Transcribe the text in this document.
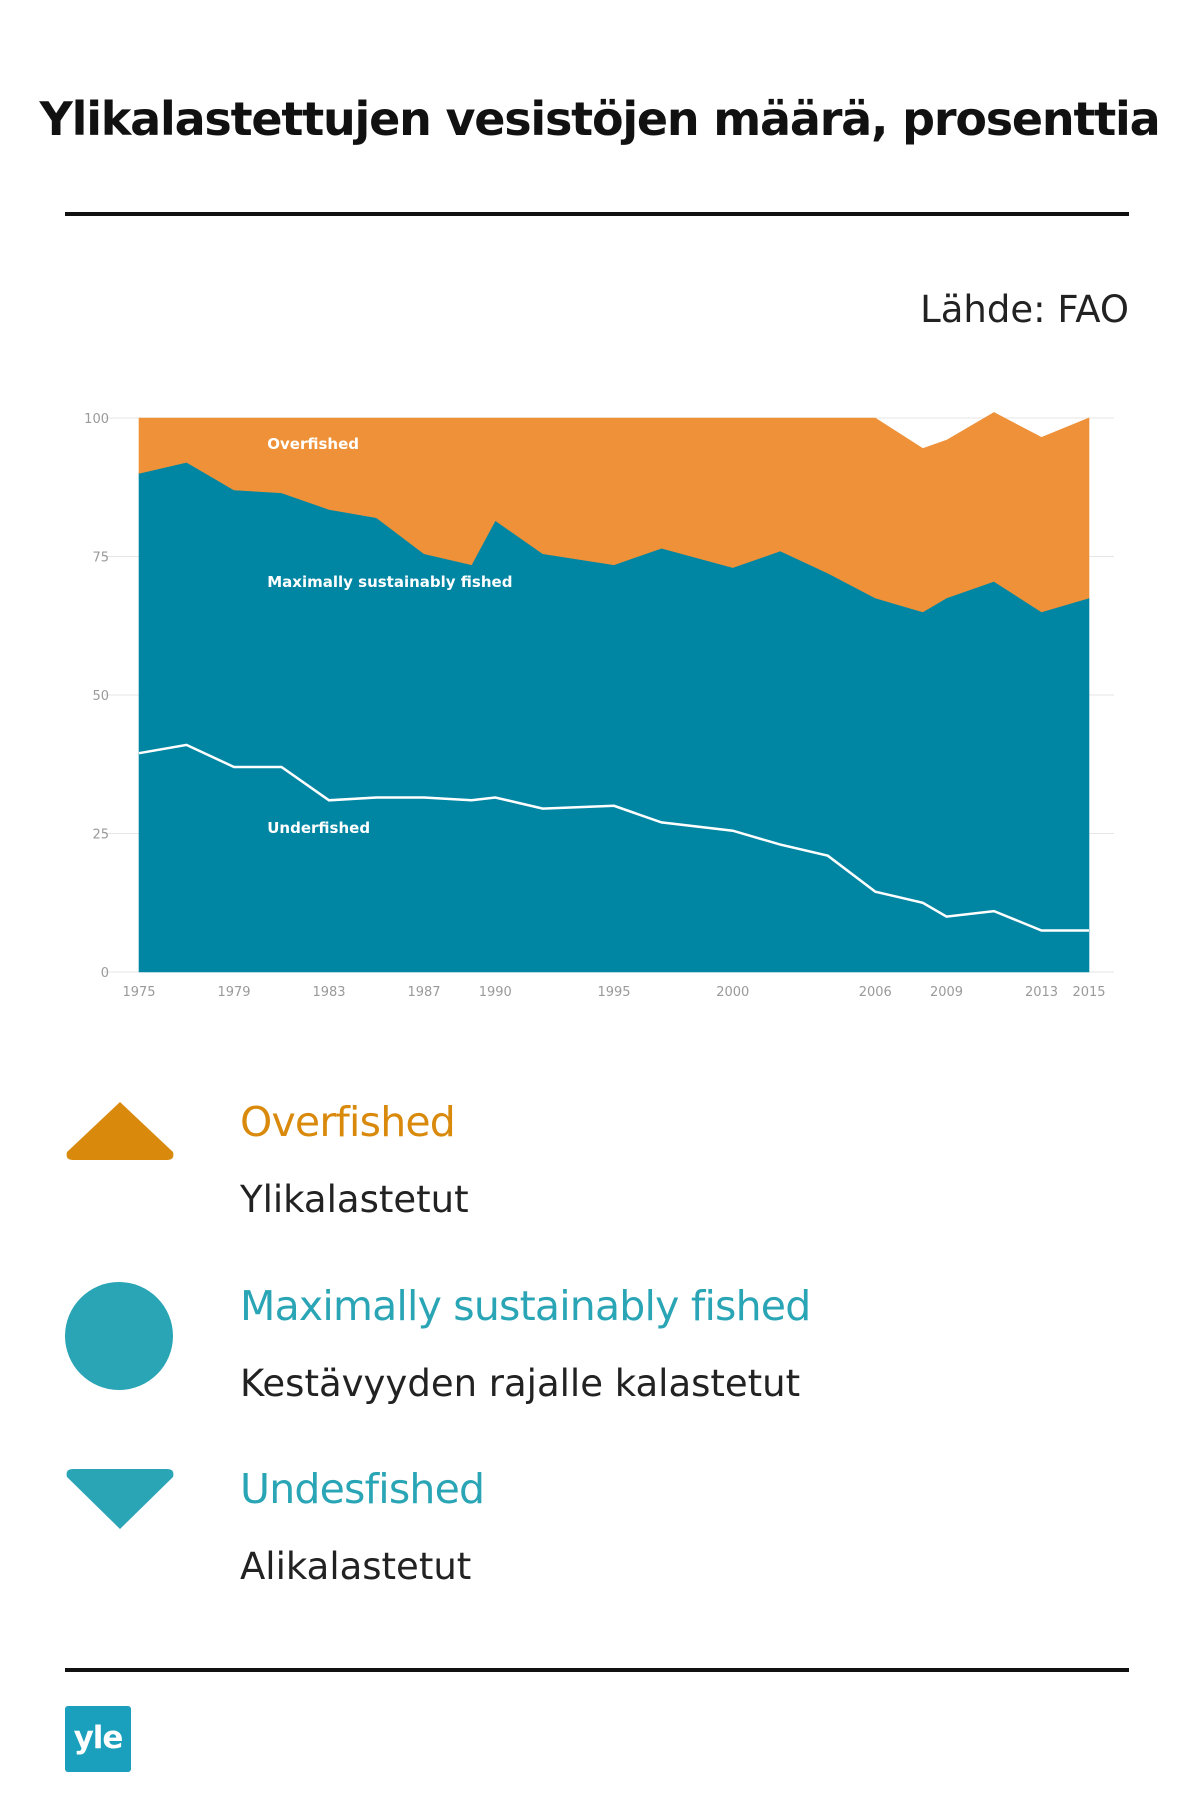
Ylikalastettujen vesistöjen määrä, prosenttia
Lähde: FAO
0
25
50
75
100
Overfished
Maximally sustainably fished
Underfished
1975	1979	1983	1987	1990	1995	2000	2006	2009	2013 2015
Overfished
Ylikalastetut
Maximally sustainably fished
Kestävyyden rajalle kalastetut
Undesfished
Alikalastetut
yle
